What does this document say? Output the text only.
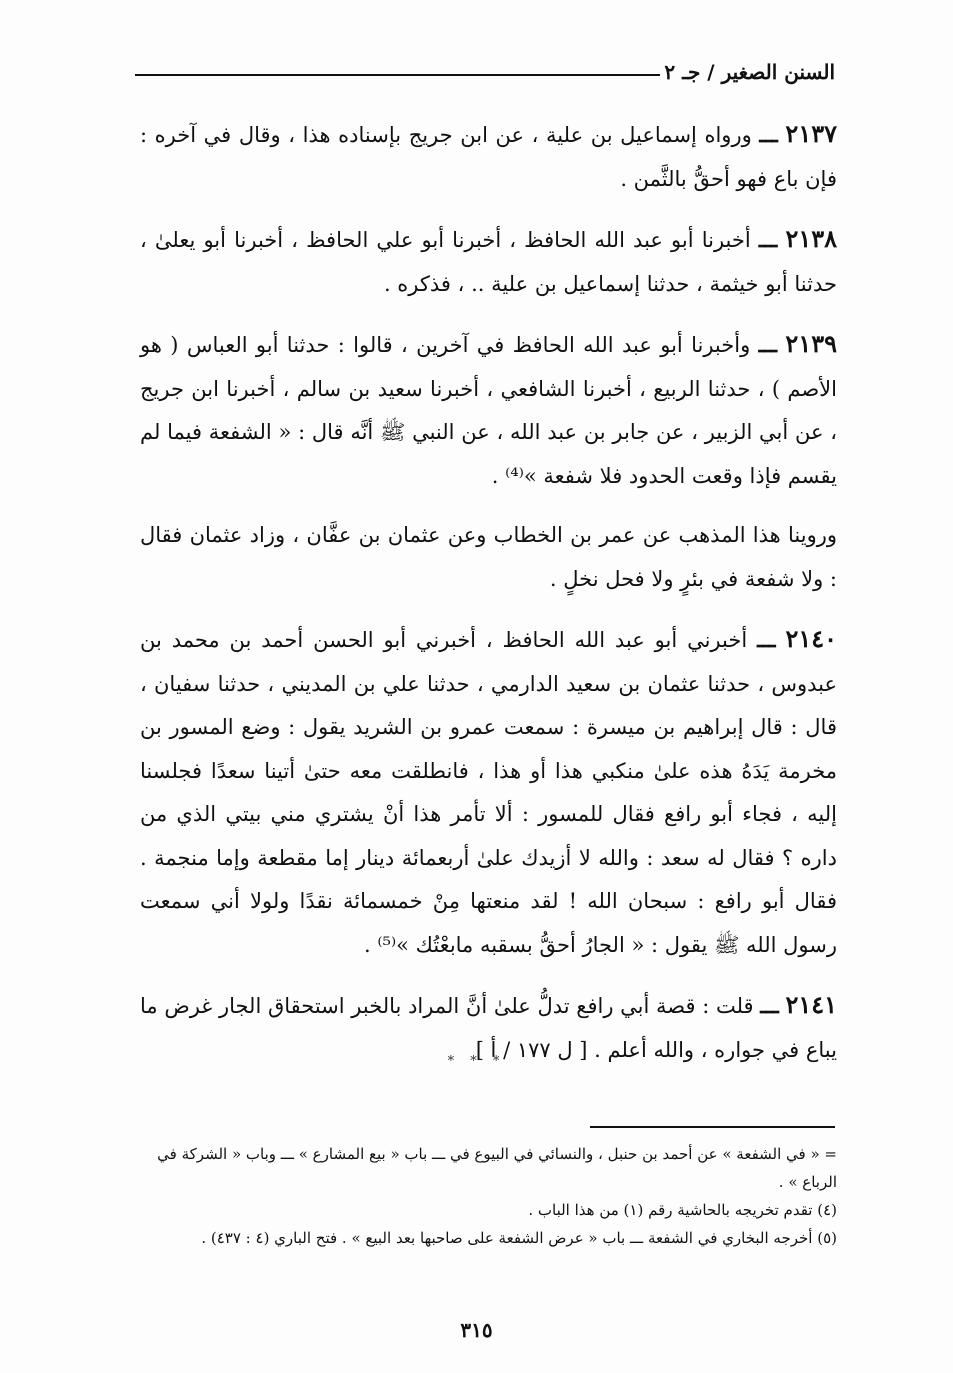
السنن الصغير / جـ ٢

٢١٣٧ ـــ ورواه إسماعيل بن علية ، عن ابن جريج بإسناده هذا ، وقال في آخره : فإن باع فهو أحقُّ بالثَّمن .

٢١٣٨ ـــ أخبرنا أبو عبد الله الحافظ ، أخبرنا أبو علي الحافظ ، أخبرنا أبو يعلىٰ ، حدثنا أبو خيثمة ، حدثنا إسماعيل بن علية .. ، فذكره .

٢١٣٩ ـــ وأخبرنا أبو عبد الله الحافظ في آخرين ، قالوا : حدثنا أبو العباس ( هو الأصم ) ، حدثنا الربيع ، أخبرنا الشافعي ، أخبرنا سعيد بن سالم ، أخبرنا ابن جريج ، عن أبي الزبير ، عن جابر بن عبد الله ، عن النبي ﷺ أنَّه قال : « الشفعة فيما لم يقسم فإذا وقعت الحدود فلا شفعة »⁽⁴⁾ .

وروينا هذا المذهب عن عمر بن الخطاب وعن عثمان بن عفَّان ، وزاد عثمان فقال : ولا شفعة في بئرٍ ولا فحل نخلٍ .

٢١٤٠ ـــ أخبرني أبو عبد الله الحافظ ، أخبرني أبو الحسن أحمد بن محمد بن عبدوس ، حدثنا عثمان بن سعيد الدارمي ، حدثنا علي بن المديني ، حدثنا سفيان ، قال : قال إبراهيم بن ميسرة : سمعت عمرو بن الشريد يقول : وضع المسور بن مخرمة يَدَهُ هذه علىٰ منكبي هذا أو هذا ، فانطلقت معه حتىٰ أتينا سعدًا فجلسنا إليه ، فجاء أبو رافع فقال للمسور : ألا تأمر هذا أنْ يشتري مني بيتي الذي من داره ؟ فقال له سعد : والله لا أزيدك علىٰ أربعمائة دينار إما مقطعة وإما منجمة . فقال أبو رافع : سبحان الله ! لقد منعتها مِنْ خمسمائة نقدًا ولولا أني سمعت رسول الله ﷺ يقول : « الجارُ أحقُّ بسقبه مابعْتُك »⁽⁵⁾ .

٢١٤١ ـــ قلت : قصة أبي رافع تدلُّ علىٰ أنَّ المراد بالخبر استحقاق الجار غرض ما يباع في جواره ، والله أعلم . [ ل ١٧٧ / أ ]

* * *

= « في الشفعة » عن أحمد بن حنبل ، والنسائي في البيوع في ـــ باب « بيع المشارع » ـــ وباب « الشركة في الرباع » .

(٤) تقدم تخريجه بالحاشية رقم (١) من هذا الباب .

(٥) أخرجه البخاري في الشفعة ـــ باب « عرض الشفعة على صاحبها بعد البيع » . فتح الباري (٤ : ٤٣٧) .

٣١٥
